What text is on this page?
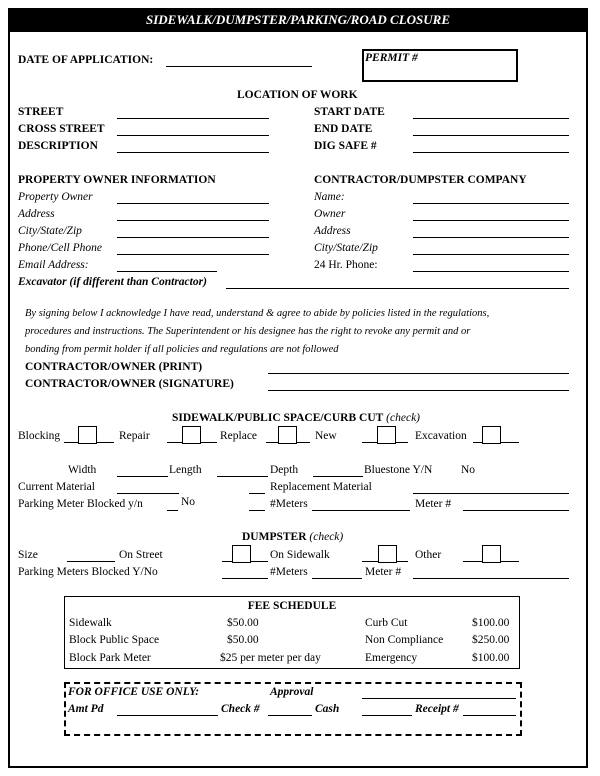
SIDEWALK/DUMPSTER/PARKING/ROAD CLOSURE
DATE OF APPLICATION:	PERMIT #
LOCATION OF WORK
STREET
CROSS STREET
DESCRIPTION
START DATE
END DATE
DIG SAFE #
PROPERTY OWNER INFORMATION
Property Owner
Address
City/State/Zip
Phone/Cell Phone
Email Address:
Excavator (if different than Contractor)
CONTRACTOR/DUMPSTER COMPANY
Name:
Owner
Address
City/State/Zip
24 Hr. Phone:
By signing below I acknowledge I have read, understand & agree to abide by policies listed in the regulations,
procedures and instructions. The Superintendent or his designee has the right to revoke any permit and or
bonding from permit holder if all policies and regulations are not followed
CONTRACTOR/OWNER (PRINT)
CONTRACTOR/OWNER (SIGNATURE)
SIDEWALK/PUBLIC SPACE/CURB CUT (check)
Blocking	Repair	Replace	New	Excavation
Width	Length	Depth	Bluestone Y/N	No
Current Material	Replacement Material
Parking Meter Blocked y/n	No	#Meters	Meter #
DUMPSTER (check)
Size	On Street	On Sidewalk	Other
Parking Meters Blocked Y/No	#Meters	Meter #
FEE SCHEDULE
Sidewalk	$50.00	Curb Cut	$100.00
Block Public Space	$50.00	Non Compliance	$250.00
Block Park Meter	$25 per meter per day	Emergency	$100.00
FOR OFFICE USE ONLY:	Approval
Amt Pd	Check #	Cash	Receipt #
